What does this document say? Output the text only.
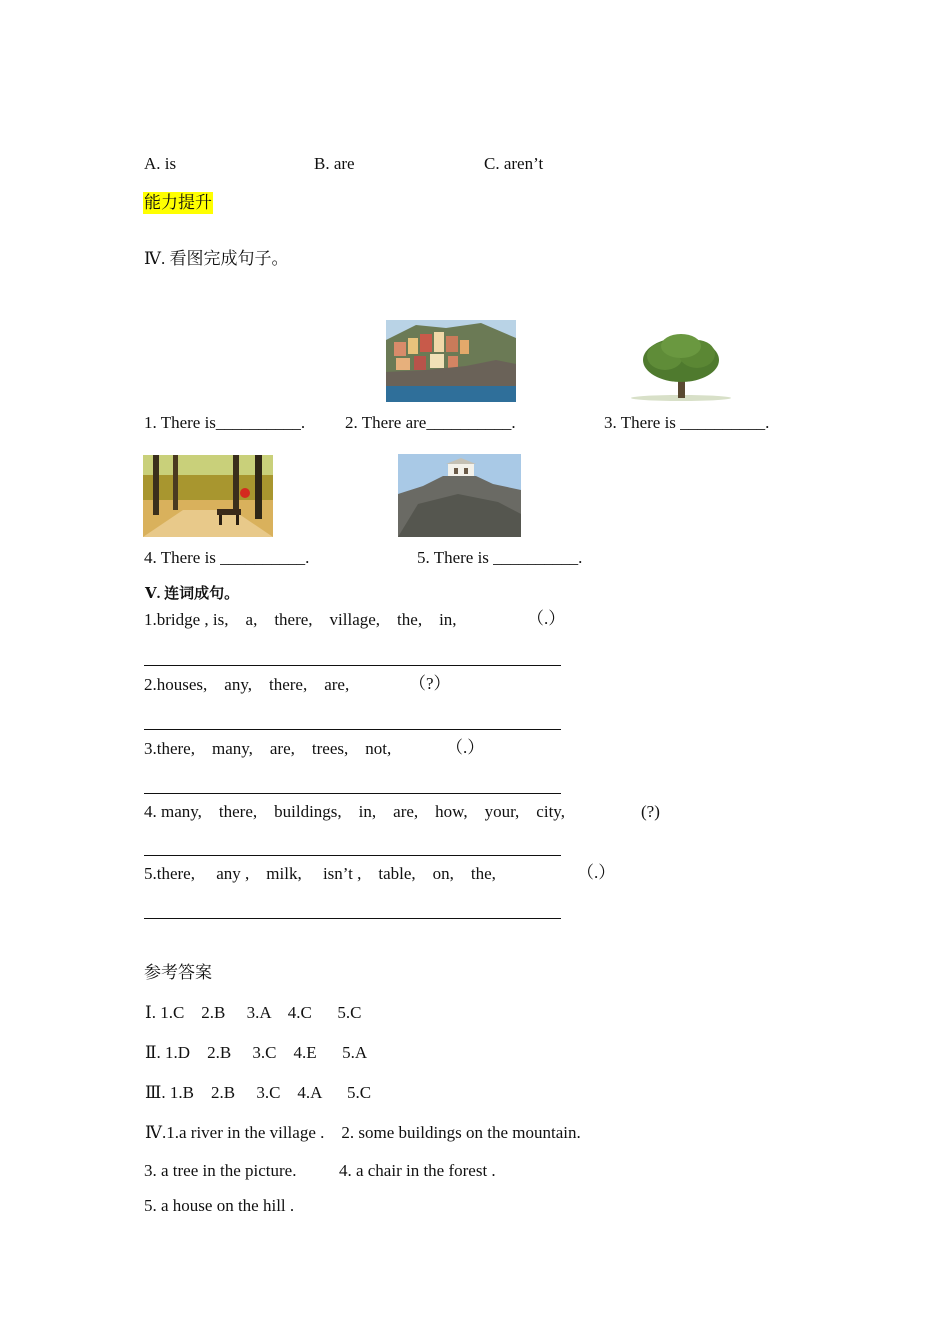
A. is	B. are	C. aren’t
能力提升
Ⅳ. 看图完成句子。
1. There is__________. 2. There are__________.	3. There is __________.
4. There is __________.	5. There is __________.
Ⅴ. 连词成句。
1.bridge , is,    a,    there,    village,    the,    in,	（.）
2.houses,    any,    there,    are,	（?）
3.there,    many,    are,    trees,    not,	（.）
4. many,    there,    buildings,    in,    are,    how,    your,    city,	(?)
5.there,     any ,    milk,     isn’t ,    table,    on,    the,	（.）
参考答案
Ⅰ. 1.C    2.B     3.A    4.C      5.C
Ⅱ. 1.D    2.B     3.C    4.E      5.A
Ⅲ. 1.B    2.B     3.C    4.A      5.C
Ⅳ.1.a river in the village .    2. some buildings on the mountain.
3. a tree in the picture.          4. a chair in the forest .
5. a house on the hill .
